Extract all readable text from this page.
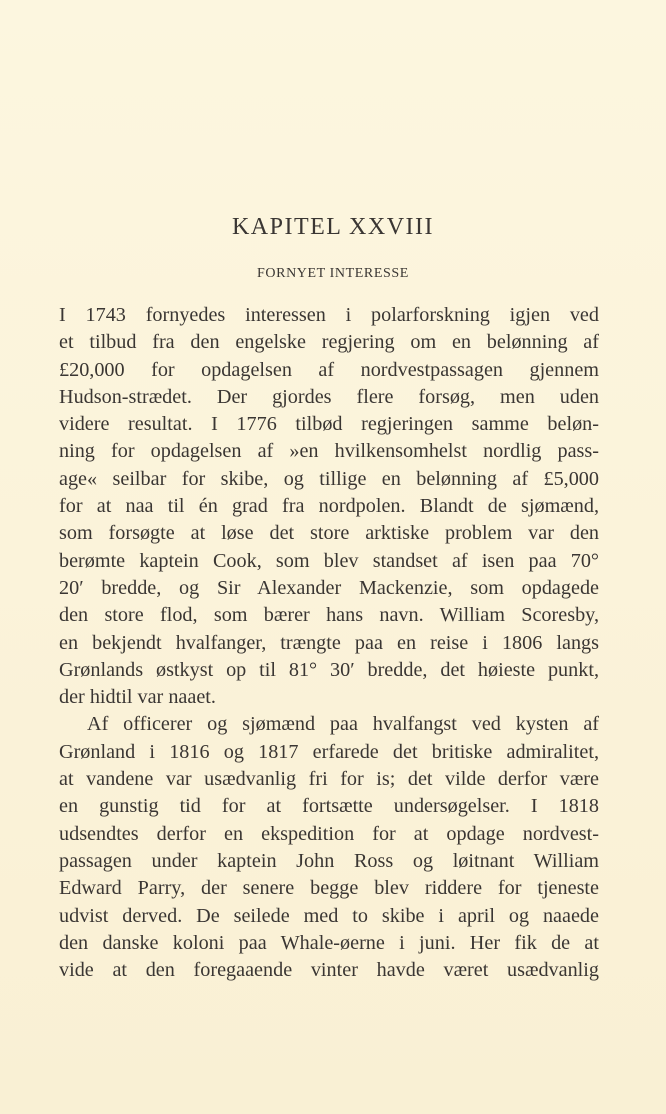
KAPITEL XXVIII
FORNYET INTERESSE
I 1743 fornyedes interessen i polarforskning igjen ved
et tilbud fra den engelske regjering om en belønning af
£20,000 for opdagelsen af nordvestpassagen gjennem
Hudson-strædet. Der gjordes flere forsøg, men uden
videre resultat. I 1776 tilbød regjeringen samme beløn-
ning for opdagelsen af »en hvilkensomhelst nordlig pass-
age« seilbar for skibe, og tillige en belønning af £5,000
for at naa til én grad fra nordpolen. Blandt de sjømænd,
som forsøgte at løse det store arktiske problem var den
berømte kaptein Cook, som blev standset af isen paa 70°
20′ bredde, og Sir Alexander Mackenzie, som opdagede
den store flod, som bærer hans navn. William Scoresby,
en bekjendt hvalfanger, trængte paa en reise i 1806 langs
Grønlands østkyst op til 81° 30′ bredde, det høieste punkt,
der hidtil var naaet.
Af officerer og sjømænd paa hvalfangst ved kysten af
Grønland i 1816 og 1817 erfarede det britiske admiralitet,
at vandene var usædvanlig fri for is; det vilde derfor være
en gunstig tid for at fortsætte undersøgelser. I 1818
udsendtes derfor en ekspedition for at opdage nordvest-
passagen under kaptein John Ross og løitnant William
Edward Parry, der senere begge blev riddere for tjeneste
udvist derved. De seilede med to skibe i april og naaede
den danske koloni paa Whale-øerne i juni. Her fik de at
vide at den foregaaende vinter havde været usædvanlig
